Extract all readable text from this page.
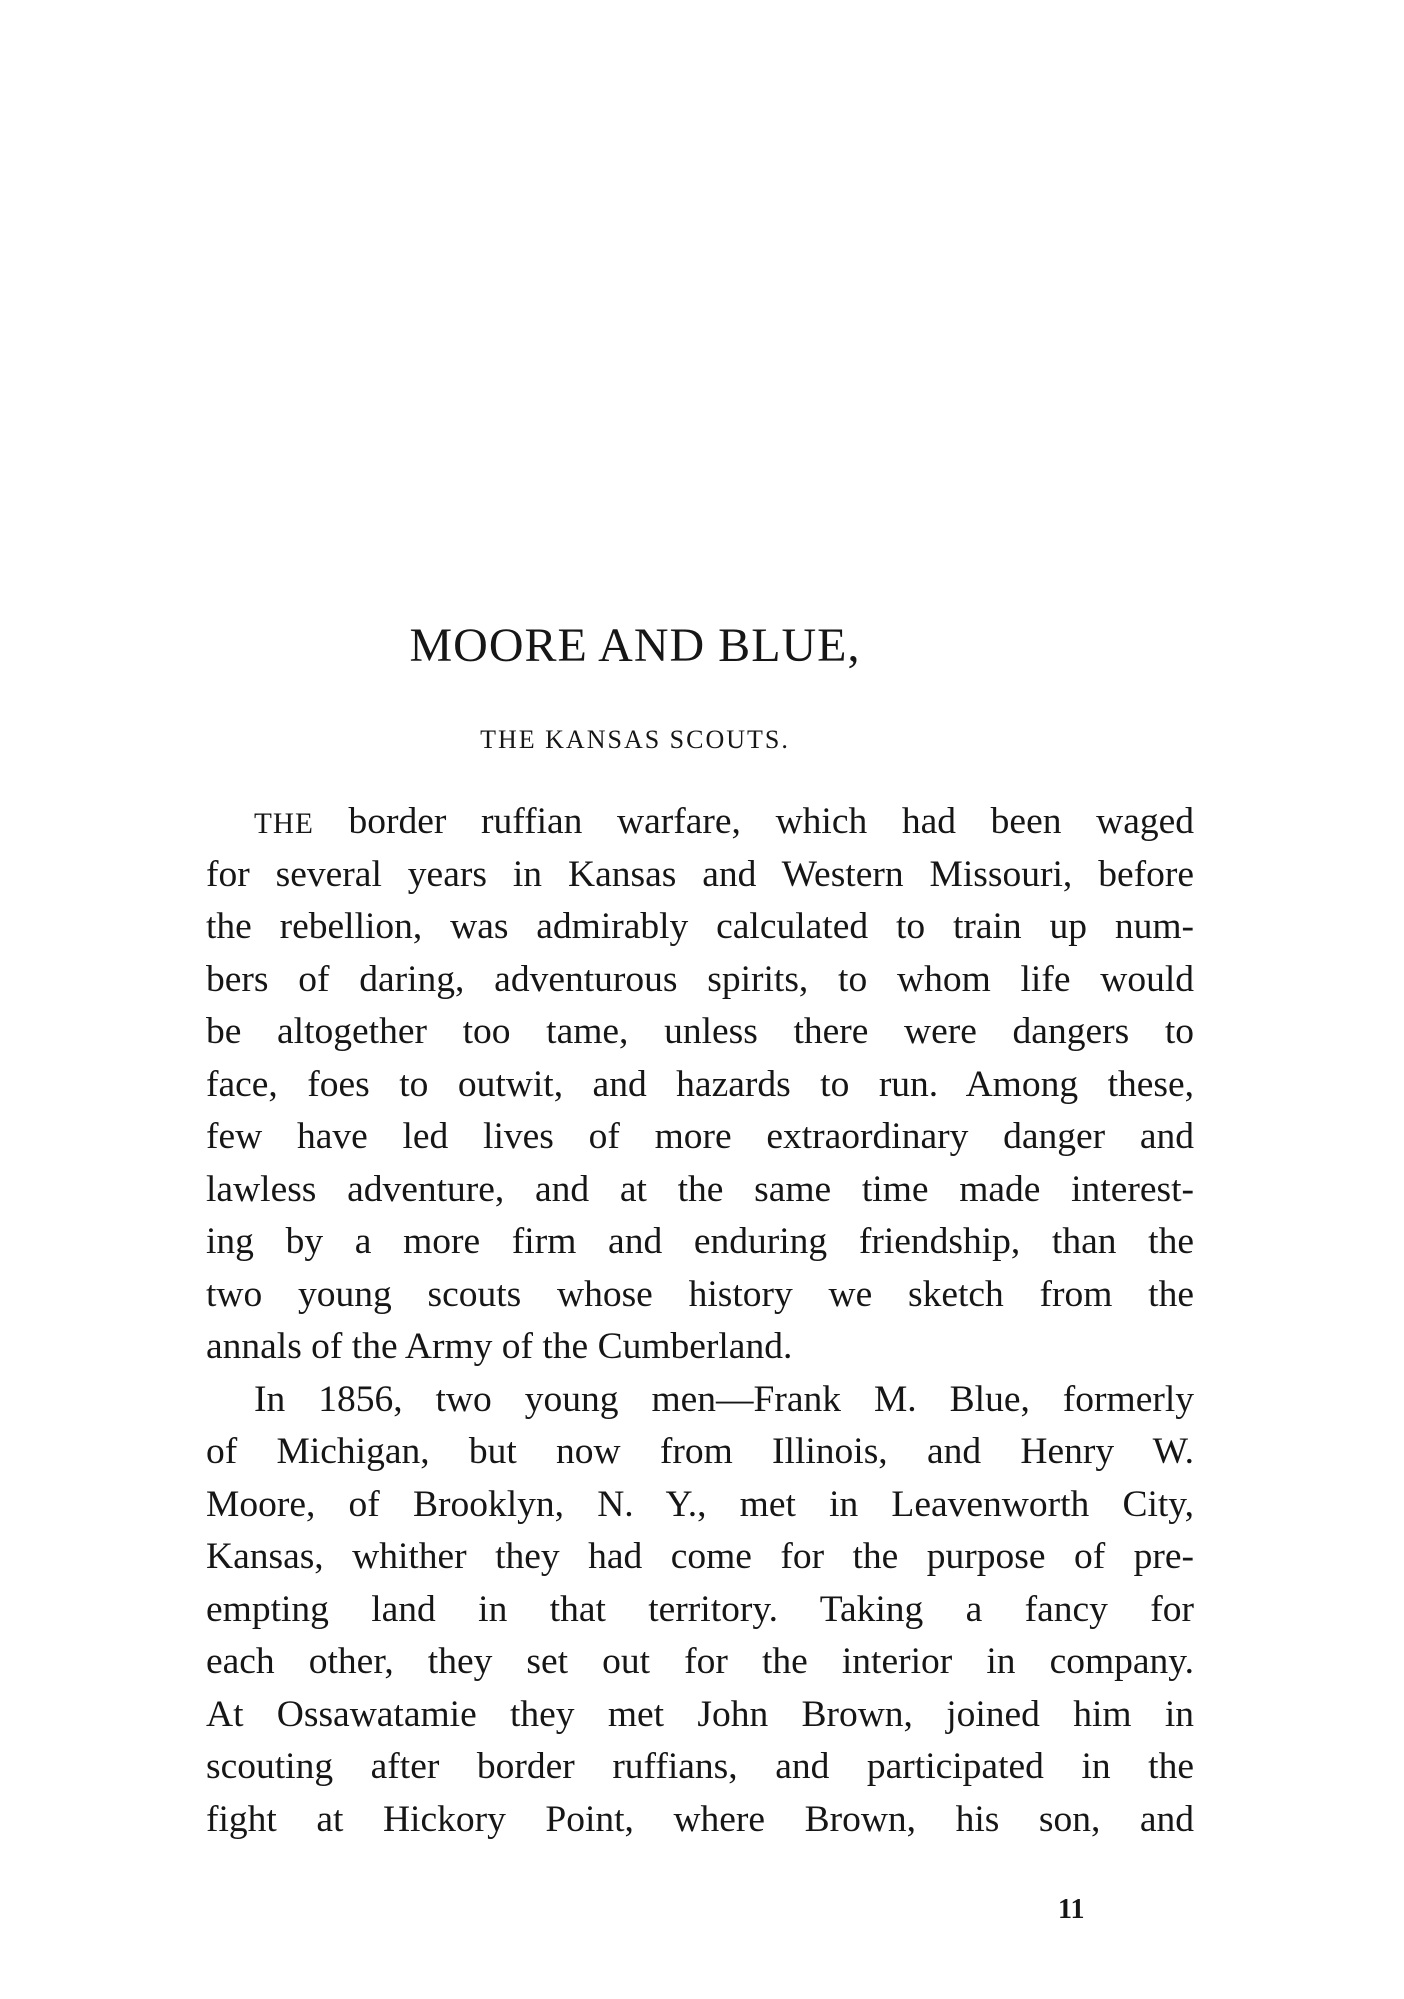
MOORE AND BLUE,
THE KANSAS SCOUTS.
THE border ruffian warfare, which had been waged
for several years in Kansas and Western Missouri, before
the rebellion, was admirably calculated to train up num-
bers of daring, adventurous spirits, to whom life would
be altogether too tame, unless there were dangers to
face, foes to outwit, and hazards to run. Among these,
few have led lives of more extraordinary danger and
lawless adventure, and at the same time made interest-
ing by a more firm and enduring friendship, than the
two young scouts whose history we sketch from the
annals of the Army of the Cumberland.
In 1856, two young men—Frank M. Blue, formerly
of Michigan, but now from Illinois, and Henry W.
Moore, of Brooklyn, N. Y., met in Leavenworth City,
Kansas, whither they had come for the purpose of pre-
empting land in that territory. Taking a fancy for
each other, they set out for the interior in company.
At Ossawatamie they met John Brown, joined him in
scouting after border ruffians, and participated in the
fight at Hickory Point, where Brown, his son, and
11
